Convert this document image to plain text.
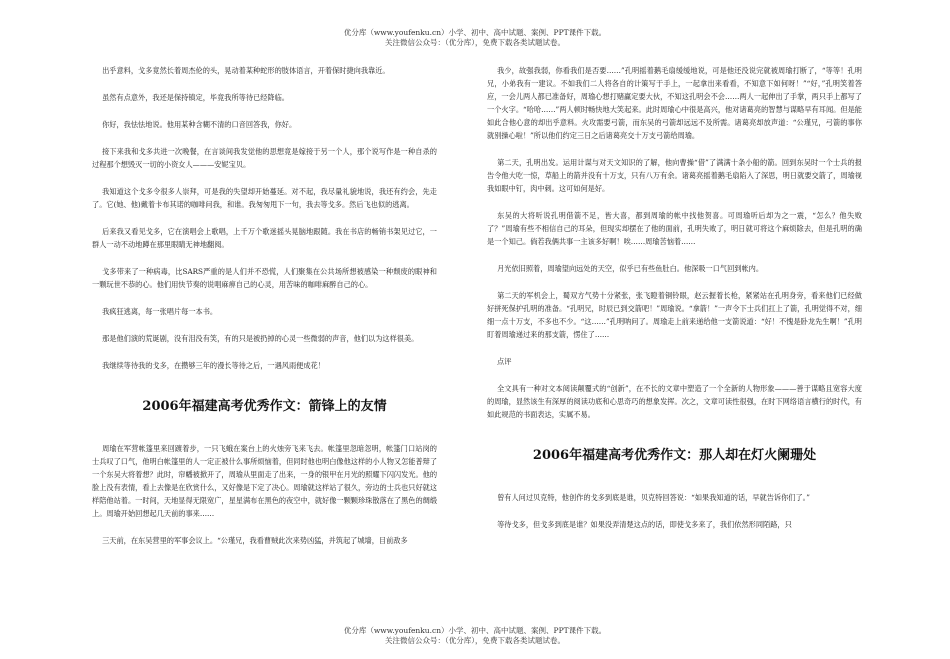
优分库（www.youfenku.cn）小学、初中、高中试题、案例、PPT课件下载。
关注微信公众号：（优分库），免费下载各类试题试卷。

出乎意料，戈多竟然长着周杰伦的头，晃动着某种蛇形的肢体语言，开着保时捷向我靠近。

虽然有点意外，我还是保持镇定，毕竟我所等待已经降临。

你好，我怯怯地说。他用某种含糊不清的口音回答我，你好。

接下来我和戈多共进一次晚餐，在言谈间我发觉他的思想竟是嫁接于另一个人，那个说写作是一种自杀的过程那个想毁灭一切的小资女人———安妮宝贝。

我知道这个戈多令很多人崇拜，可是我的失望却开始蔓延。对不起，我尽量礼貌地说，我还有约会，先走了。它(她、他)戴着卡布其诺的咖啡问我，和谁。我匆匆甩下一句，我去等戈多。然后飞也似的逃离。

后来我又看见戈多，它在演唱会上歌唱，上千万个歌迷摇头晃脑地跟随。我在书店的畅销书架见过它，一群人一动不动地蹲在那里眼睛无神地翻阅。

戈多带来了一种病毒，比SARS严重的是人们并不恐慌，人们聚集在公共场所想被感染一种颓废的眼神和一颗玩世不恭的心。他们用快节奏的说唱麻痹自己的心灵，用苦味的咖啡麻醉自己的心。

我疯狂逃离，每一张唱片每一本书。

那是他们演的荒诞剧，没有泪没有笑，有的只是被扔掉的心灵一些微弱的声音，他们以为这样很美。

我继续等待我的戈多，在攒够三年的漫长等待之后，一遇风雨便成花！

2006年福建高考优秀作文：箭锋上的友情

周瑜在军营帐篷里来回踱着步，一只飞蛾在案台上的火烛旁飞来飞去。帐篷里忽暗忽明，帐篷门口站岗的士兵叹了口气，他明白帐篷里的人一定正被什么事所烦恼着，但同时他也明白像他这样的小人物又怎能普辩了一个东吴大将着想？此时，帘幡被掀开了，周瑜从里面走了出来，一身的银甲在月光的照耀下闪闪发光。他的脸上没有表情，看上去像是在欣赏什么，又好像是下定了决心。周瑜就这样站了很久，旁边的士兵也只好就这样陪他站着。一时间，天地显得无限宽广，星星满布在黑色的夜空中，就好像一颗颗珍珠散落在了黑色的绸缎上。周瑜开始回想起几天前的事来……

三天前，在东吴营里的军事会议上。“公瑾兄，我看曹贼此次来势凶猛，并筑起了城墙，目前敌多

我少，故强我弱，你看我们是否要……”孔明摇着鹅毛扇缓缓地说，可是他还没说完就被周瑜打断了，“等等！孔明兄，小弟我有一建议。不如我们二人将各自的计策写于手上，一起拿出来看看，不知意下如何呀！”“好，”孔明笑着答应，一会儿两人都已准备好，周瑜心想打赌赢定要大伙，不知这孔明会不会……两人一起伸出了手掌，两只手上都写了一个火字。“哈哈……”两人顿时畅快地大笑起来。此时周瑜心中很是高兴，他对诸葛亮的智慧与谋略早有耳闻。但是能如此合他心意的却出乎意料。火攻需要弓箭，而东吴的弓箭却远远不及所需。诸葛亮却放声道：“公瑾兄，弓箭的事你就别操心啦！”所以他们约定三日之后诸葛亮交十万支弓箭给周瑜。

第二天，孔明出发。运用计谋与对天文知识的了解，他向曹操“借”了满满十条小船的箭。回到东吴时一个士兵的报告令他大吃一惊，草船上的箭并没有十万支，只有八万有余。诸葛亮摇着鹅毛扇陷入了深思，明日就要交箭了，周瑜视我如眼中钉，肉中刺。这可如何是好。

东吴的大将听说孔明借箭不足，皆大喜，都到周瑜的帐中找他贺喜。可周瑜听后却为之一震，“怎么？他失败了？”周瑜有些不相信自己的耳朵，但现实却摆在了他的面前，孔明失败了，明日就可将这个麻烦除去，但是孔明的确是一个知己。倘若我俩共事一主该多好啊！唉……周瑜苦恼着……

月光依旧照着，周瑜望向远处的天空，似乎已有些鱼肚白。他深吸一口气回到帐内。

第二天的军机会上，蜀双方气势十分紧张，张飞瞪着铜铃眼，赵云握着长枪，紧紧站在孔明身旁，看来他们已经做好拼死保护孔明的准备。“孔明兄，时辰已到交箭吧！”周瑜说。“拿箭！”一声令下士兵们扛上了箭，孔明觉得不对，细细一点十万支，不多也不少。“这……”孔明呐问了。周瑜走上前来递给他一支箭说道：“好！不愧是卧龙先生啊！”孔明盯着周瑜递过来的那支箭，愣住了……

点评

全文具有一种对文本阅读颠覆式的“创新”，在不长的文章中塑造了一个全新的人物形象———善于谋略且宽容大度的周瑜，显然该生有深厚的阅读功底和心思奇巧的想象发挥。次之，文章可读性很强，在时下网络语言横行的时代，有如此规范的书面表达，实属不易。

2006年福建高考优秀作文：那人却在灯火阑珊处

曾有人问过贝克特，他创作的戈多到底是谁，贝克特回答说：“如果我知道的话，早就告诉你们了。”

等待戈多，但戈多到底是谁？如果没弄清楚这点的话，即使戈多来了，我们依然形同陌路，只

优分库（www.youfenku.cn）小学、初中、高中试题、案例、PPT课件下载。
关注微信公众号：（优分库），免费下载各类试题试卷。
